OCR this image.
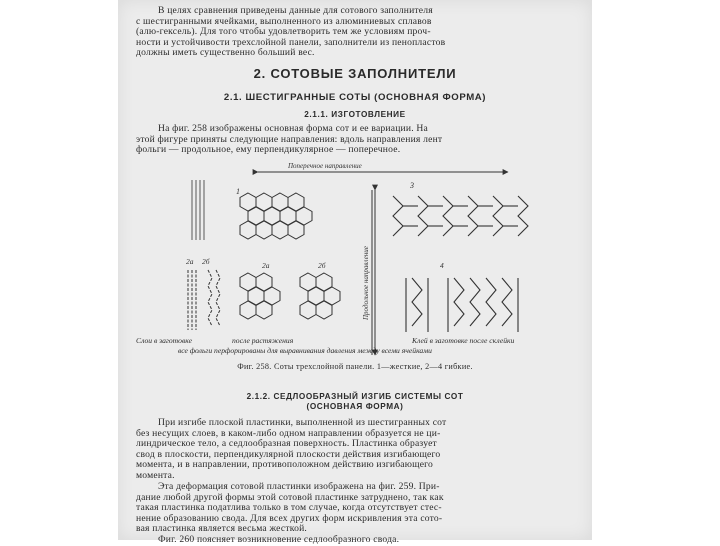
В целях сравнения приведены данные для сотового заполнителя
с шестигранными ячейками, выполненного из алюминиевых сплавов
(алю-гексель). Для того чтобы удовлетворить тем же условиям проч-
ности и устойчивости трехслойной панели, заполнители из пенопластов
должны иметь существенно больший вес.
2. СОТОВЫЕ ЗАПОЛНИТЕЛИ
2.1. ШЕСТИГРАННЫЕ СОТЫ (ОСНОВНАЯ ФОРМА)
2.1.1. ИЗГОТОВЛЕНИЕ
На фиг. 258 изображены основная форма сот и ее вариации. На
этой фигуре приняты следующие направления: вдоль направления лент
фольги — продольное, ему перпендикулярное — поперечное.
Поперечное направление
Продольное направление
1
3
2а 2б	2а	2б	4
Слои в заготовке	после растяжения	Клей в заготовке после склейки
все фольги перфорированы для выравнивания давления между всеми ячейками
Фиг. 258. Соты трехслойной панели. 1—жесткие, 2—4 гибкие.
2.1.2. СЕДЛООБРАЗНЫЙ ИЗГИБ СИСТЕМЫ СОТ
(ОСНОВНАЯ ФОРМА)
При изгибе плоской пластинки, выполненной из шестигранных сот
без несущих слоев, в каком-либо одном направлении образуется не ци-
линдрическое тело, а седлообразная поверхность. Пластинка образует
свод в плоскости, перпендикулярной плоскости действия изгибающего
момента, и в направлении, противоположном действию изгибающего
момента.
Эта деформация сотовой пластинки изображена на фиг. 259. При-
дание любой другой формы этой сотовой пластинке затруднено, так как
такая пластинка податлива только в том случае, когда отсутствует стес-
нение образованию свода. Для всех других форм искривления эта сото-
вая пластинка является весьма жесткой.
Фиг. 260 поясняет возникновение седлообразного свода.
